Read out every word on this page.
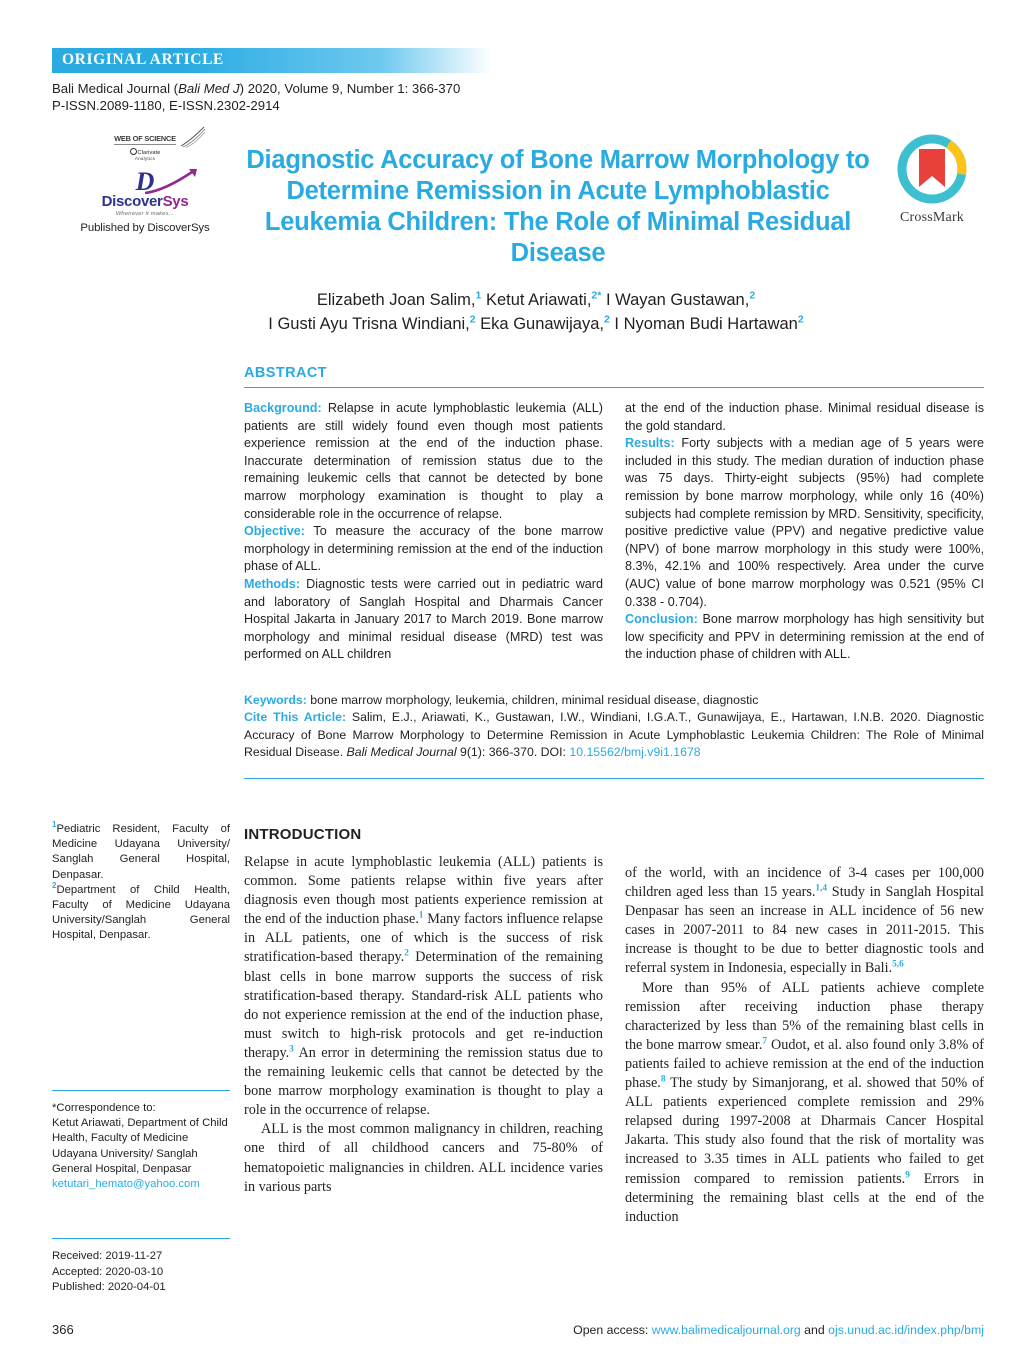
ORIGINAL ARTICLE
Bali Medical Journal (Bali Med J) 2020, Volume 9, Number 1: 366-370
P-ISSN.2089-1180, E-ISSN.2302-2914
WEB OF SCIENCE
Clarivate
Analytics
D
DiscoverSys
Whenever it makes...
Published by DiscoverSys
Diagnostic Accuracy of Bone Marrow Morphology to Determine Remission in Acute Lymphoblastic Leukemia Children: The Role of Minimal Residual Disease
CrossMark
Elizabeth Joan Salim,$^1$ Ketut Ariawati,$^{2*}$ I Wayan Gustawan,$^2$
I Gusti Ayu Trisna Windiani,$^2$ Eka Gunawijaya,$^2$ I Nyoman Budi Hartawan$^2$
ABSTRACT

Background: Relapse in acute lymphoblastic leukemia (ALL) patients are still widely found even though most patients experience remission at the end of the induction phase. Inaccurate determination of remission status due to the remaining leukemic cells that cannot be detected by bone marrow morphology examination is thought to play a considerable role in the occurrence of relapse.

Objective: To measure the accuracy of the bone marrow morphology in determining remission at the end of the induction phase of ALL.

Methods: Diagnostic tests were carried out in pediatric ward and laboratory of Sanglah Hospital and Dharmais Cancer Hospital Jakarta in January 2017 to March 2019. Bone marrow morphology and minimal residual disease (MRD) test was performed on ALL children

at the end of the induction phase. Minimal residual disease is the gold standard.

Results: Forty subjects with a median age of 5 years were included in this study. The median duration of induction phase was 75 days. Thirty-eight subjects (95%) had complete remission by bone marrow morphology, while only 16 (40%) subjects had complete remission by MRD. Sensitivity, specificity, positive predictive value (PPV) and negative predictive value (NPV) of bone marrow morphology in this study were 100%, 8.3%, 42.1% and 100% respectively. Area under the curve (AUC) value of bone marrow morphology was 0.521 (95% CI 0.338 - 0.704).

Conclusion: Bone marrow morphology has high sensitivity but low specificity and PPV in determining remission at the end of the induction phase of children with ALL.

Keywords: bone marrow morphology, leukemia, children, minimal residual disease, diagnostic
Cite This Article: Salim, E.J., Ariawati, K., Gustawan, I.W., Windiani, I.G.A.T., Gunawijaya, E., Hartawan, I.N.B. 2020. Diagnostic Accuracy of Bone Marrow Morphology to Determine Remission in Acute Lymphoblastic Leukemia Children: The Role of Minimal Residual Disease. Bali Medical Journal 9(1): 366-370. DOI: 10.15562/bmj.v9i1.1678

$^1$Pediatric Resident, Faculty of Medicine Udayana University/ Sanglah General Hospital, Denpasar.

$^2$Department of Child Health, Faculty of Medicine Udayana University/Sanglah General Hospital, Denpasar.

*Correspondence to:
Ketut Ariawati, Department of Child Health, Faculty of Medicine Udayana University/ Sanglah General Hospital, Denpasar
ketutari_hemato@yahoo.com
Received: 2019-11-27
Accepted: 2020-03-10
Published: 2020-04-01
INTRODUCTION

Relapse in acute lymphoblastic leukemia (ALL) patients is common. Some patients relapse within five years after diagnosis even though most patients experience remission at the end of the induction phase.$^1$ Many factors influence relapse in ALL patients, one of which is the success of risk stratification-based therapy.$^2$ Determination of the remaining blast cells in bone marrow supports the success of risk stratification-based therapy. Standard-risk ALL patients who do not experience remission at the end of the induction phase, must switch to high-risk protocols and get re-induction therapy.$^3$ An error in determining the remission status due to the remaining leukemic cells that cannot be detected by the bone marrow morphology examination is thought to play a role in the occurrence of relapse.

ALL is the most common malignancy in children, reaching one third of all childhood cancers and 75-80% of hematopoietic malignancies in children. ALL incidence varies in various parts

of the world, with an incidence of 3-4 cases per 100,000 children aged less than 15 years.$^{1,4}$ Study in Sanglah Hospital Denpasar has seen an increase in ALL incidence of 56 new cases in 2007-2011 to 84 new cases in 2011-2015. This increase is thought to be due to better diagnostic tools and referral system in Indonesia, especially in Bali.$^{5,6}$

More than 95% of ALL patients achieve complete remission after receiving induction phase therapy characterized by less than 5% of the remaining blast cells in the bone marrow smear.$^7$ Oudot, et al. also found only 3.8% of patients failed to achieve remission at the end of the induction phase.$^8$ The study by Simanjorang, et al. showed that 50% of ALL patients experienced complete remission and 29% relapsed during 1997-2008 at Dharmais Cancer Hospital Jakarta. This study also found that the risk of mortality was increased to 3.35 times in ALL patients who failed to get remission compared to remission patients.$^9$ Errors in determining the remaining blast cells at the end of the induction

366	Open access: www.balimedicaljournal.org and ojs.unud.ac.id/index.php/bmj
